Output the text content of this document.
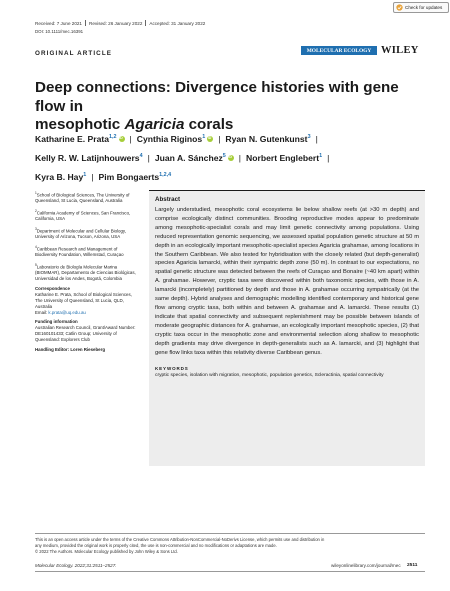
Received: 7 June 2021 Revised: 26 January 2022 Accepted: 31 January 2022
DOI: 10.1111/mec.16391
Check for updates
ORIGINAL ARTICLE	MOLECULAR ECOLOGY WILEY
Deep connections: Divergence histories with gene flow in
mesophotic Agaricia corals
Katharine E. Prata$^{1,2}$ iD | Cynthia Riginos$^1$ iD | Ryan N. Gutenkunst$^3$ |
Kelly R. W. Latijnhouwers$^4$ | Juan A. Sánchez$^5$ iD | Norbert Englebert$^1$ |
Kyra B. Hay$^1$ | Pim Bongaerts$^{1,2,4}$
$^1$School of Biological Sciences, The University of Queensland, St Lucia, Queensland, Australia
$^2$California Academy of Sciences, San Francisco, California, USA
$^3$Department of Molecular and Cellular Biology, University of Arizona, Tucson, Arizona, USA
$^4$Caribbean Research and Management of Biodiversity Foundation, Willemstad, Curaçao
$^5$Laboratorio de Biología Molecular Marina (BIOMMAR), Departamento de Ciencias Biológicas, Universidad de los Andes, Bogotá, Colombia
Correspondence
Katharine E. Prata, School of Biological Sciences, The University of Queensland, St Lucia, QLD, Australia
Email: k.prata@uq.edu.au
Funding information
Australian Research Council, Grant/Award Number: DE160101433; Catlin Group; University of Queensland: Explorers Club
Handling Editor: Loren Rieseberg
Abstract
Largely understudied, mesophotic coral ecosystems lie below shallow reefs (at >30 m depth) and comprise ecologically distinct communities. Brooding reproductive modes appear to predominate among mesophotic-specialist corals and may limit genetic connectivity among populations. Using reduced representation genomic sequencing, we assessed spatial population genetic structure at 50 m depth in an ecologically important mesophotic-specialist species Agaricia grahamae, among locations in the Southern Caribbean. We also tested for hybridisation with the closely related (but depth-generalist) species Agaricia lamarcki, within their sympatric depth zone (50 m). In contrast to our expectations, no spatial genetic structure was detected between the reefs of Curaçao and Bonaire (~40 km apart) within A. grahamae. However, cryptic taxa were discovered within both taxonomic species, with those in A. lamarcki (incompletely) partitioned by depth and those in A. grahamae occurring sympatrically (at the same depth). Hybrid analyses and demographic modelling identified contemporary and historical gene flow among cryptic taxa, both within and between A. grahamae and A. lamarcki. These results (1) indicate that spatial connectivity and subsequent replenishment may be possible between islands of moderate geographic distances for A. grahamae, an ecologically important mesophotic species, (2) that cryptic taxa occur in the mesophotic zone and environmental selection along shallow to mesophotic depth gradients may drive divergence in depth-generalists such as A. lamarcki, and (3) highlight that gene flow links taxa within this relativity diverse Caribbean genus.
KEYWORDS
cryptic species, isolation with migration, mesophotic, population genetics, Scleractinia, spatial connectivity
This is an open access article under the terms of the Creative Commons Attribution-NonCommercial-NoDerivs License, which permits use and distribution in
any medium, provided the original work is properly cited, the use is non-commercial and no modifications or adaptations are made.
© 2022 The Authors. Molecular Ecology published by John Wiley & Sons Ltd.
Molecular Ecology. 2022;31:2511–2527.	wileyonlinelibrary.com/journal/mec 2511
